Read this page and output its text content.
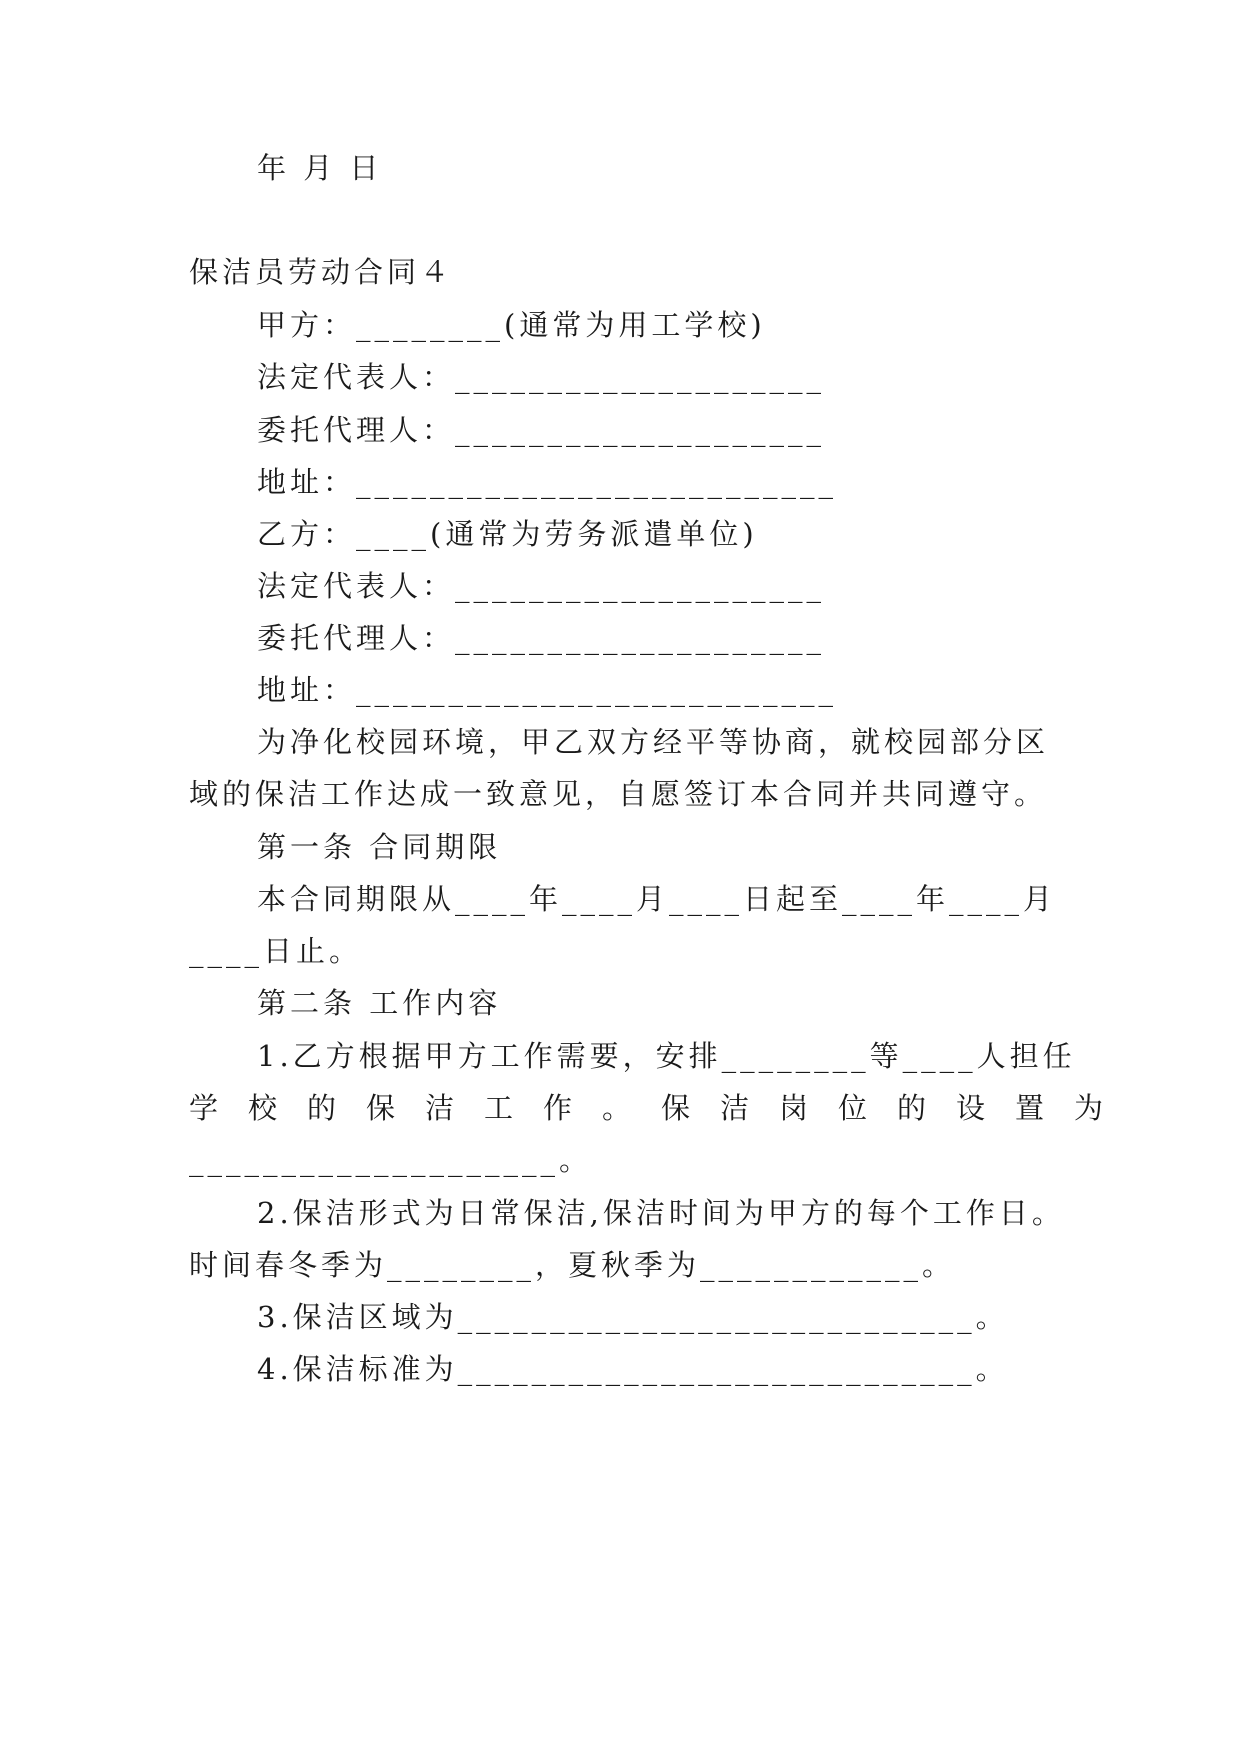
年 月 日
保洁员劳动合同４
甲方：________(通常为用工学校)
法定代表人：____________________
委托代理人：____________________
地址：__________________________
乙方：____(通常为劳务派遣单位)
法定代表人：____________________
委托代理人：____________________
地址：__________________________
为净化校园环境，甲乙双方经平等协商，就校园部分区
域的保洁工作达成一致意见，自愿签订本合同并共同遵守。
第一条 合同期限
本合同期限从____年____月____日起至____年____月
____日止。
第二条 工作内容
1.乙方根据甲方工作需要，安排________等____人担任
学校的保洁工作。保洁岗位的设置为
____________________。
2.保洁形式为日常保洁,保洁时间为甲方的每个工作日。
时间春冬季为________，夏秋季为____________。
3.保洁区域为____________________________。
4.保洁标准为____________________________。
